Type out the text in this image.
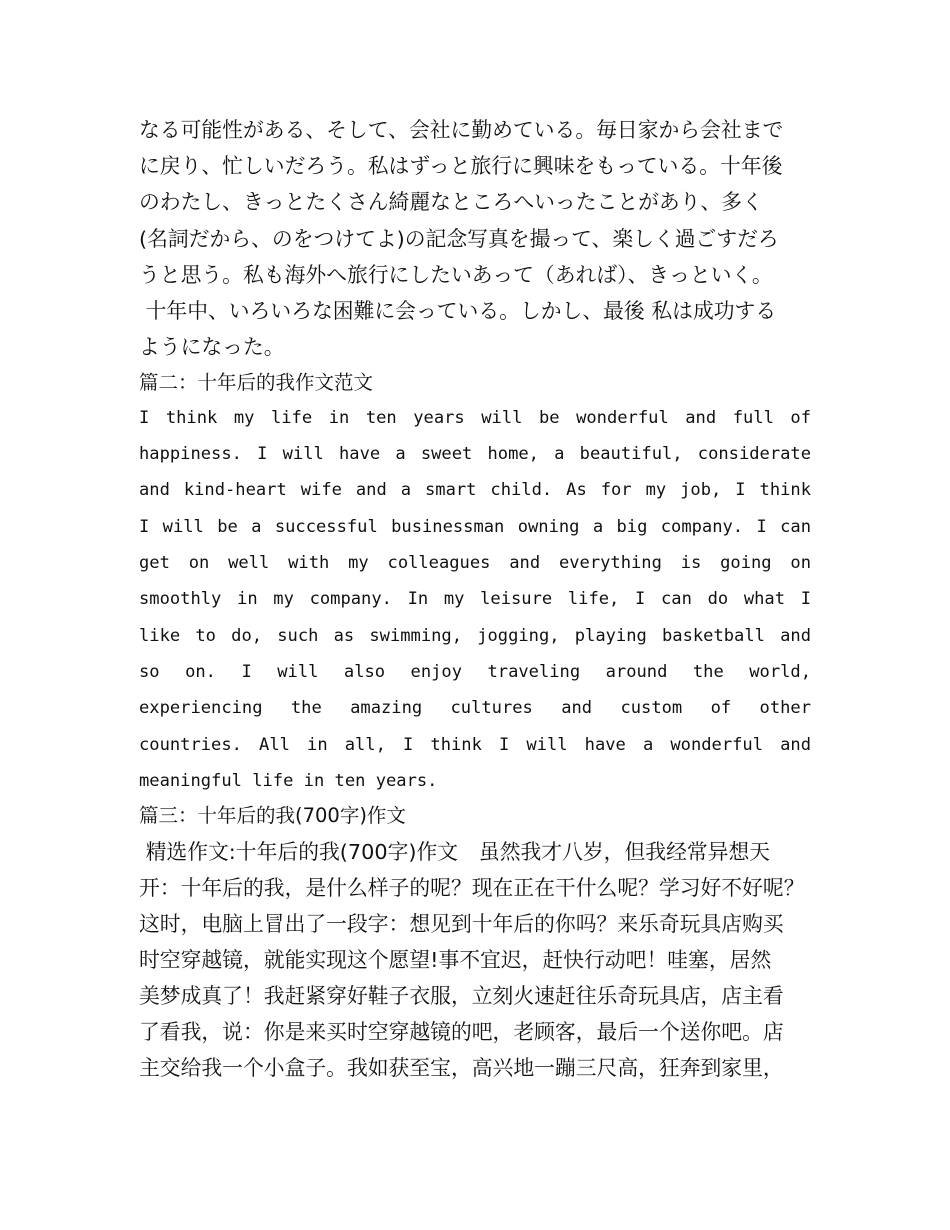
なる可能性がある、そして、会社に勤めている。毎日家から会社まで
に戻り、忙しいだろう。私はずっと旅行に興味をもっている。十年後
のわたし、きっとたくさん綺麗なところへいったことがあり、多く
(名詞だから、のをつけてよ)の記念写真を撮って、楽しく過ごすだろ
うと思う。私も海外へ旅行にしたいあって（あれば）、きっといく。
十年中、いろいろな困難に会っている。しかし、最後 私は成功する
ようになった。
篇二：十年后的我作文范文
I think my life in ten years will be wonderful and full of
happiness. I will have a sweet home, a beautiful, considerate
and kind-heart wife and a smart child. As for my job, I think
I will be a successful businessman owning a big company. I can
get on well with my colleagues and everything is going on
smoothly in my company. In my leisure life, I can do what I
like to do, such as swimming, jogging, playing basketball and
so on. I will also enjoy traveling around the world,
experiencing the amazing cultures and custom of other
countries. All in all, I think I will have a wonderful and
meaningful life in ten years.
篇三：十年后的我(700字)作文
精选作文:十年后的我(700字)作文　虽然我才八岁，但我经常异想天
开：十年后的我，是什么样子的呢？现在正在干什么呢？学习好不好呢？
这时，电脑上冒出了一段字：想见到十年后的你吗？来乐奇玩具店购买
时空穿越镜，就能实现这个愿望!事不宜迟，赶快行动吧！哇塞，居然
美梦成真了！我赶紧穿好鞋子衣服，立刻火速赶往乐奇玩具店，店主看
了看我，说：你是来买时空穿越镜的吧，老顾客，最后一个送你吧。店
主交给我一个小盒子。我如获至宝，高兴地一蹦三尺高，狂奔到家里，
